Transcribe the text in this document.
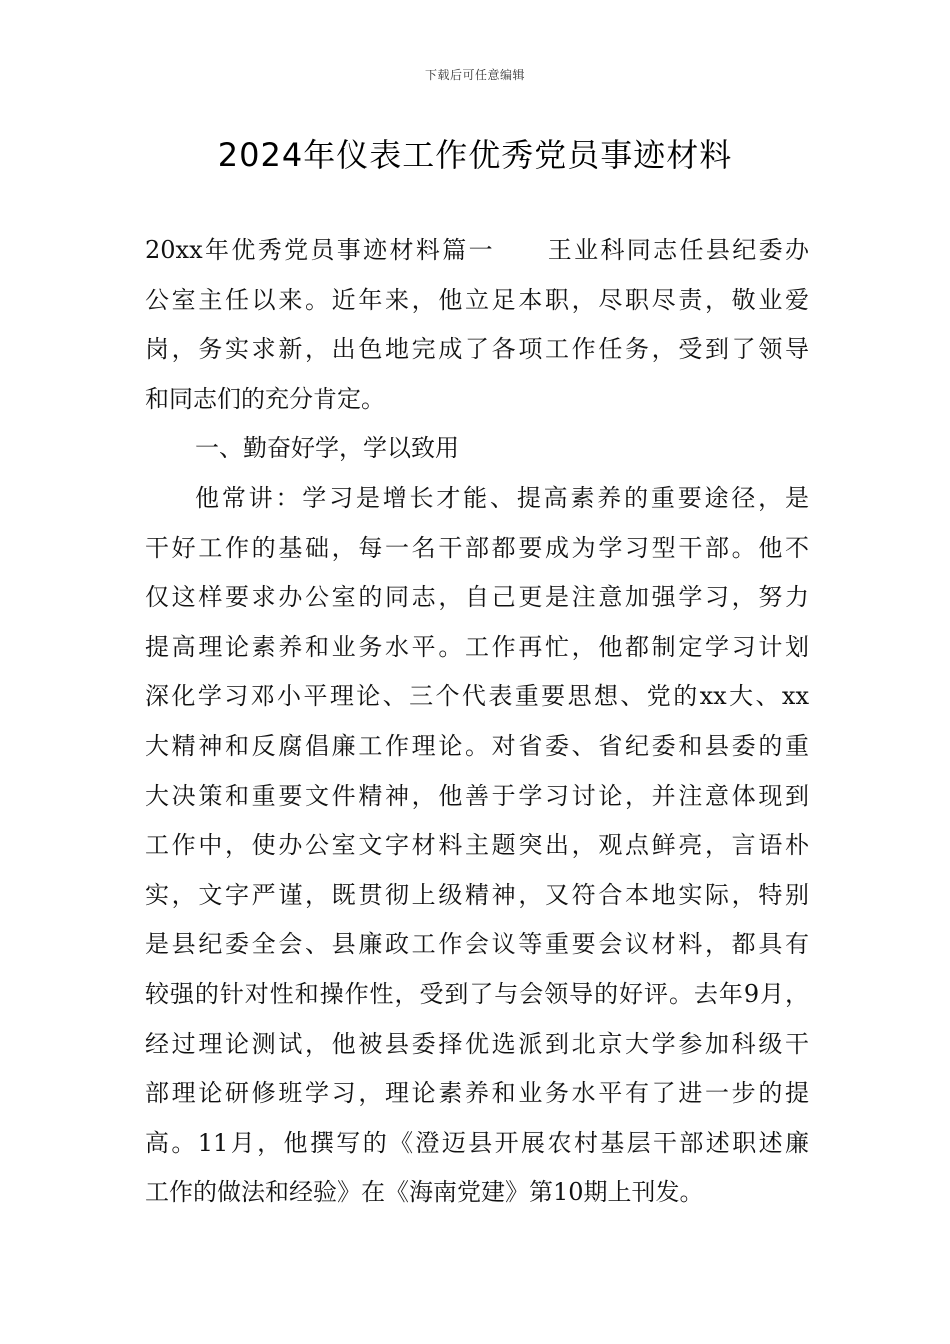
下载后可任意编辑
2024年仪表工作优秀党员事迹材料
20xx年优秀党员事迹材料篇一　　王业科同志任县纪委办
公室主任以来。近年来，他立足本职，尽职尽责，敬业爱
岗，务实求新，出色地完成了各项工作任务，受到了领导
和同志们的充分肯定。
一、勤奋好学，学以致用
他常讲：学习是增长才能、提高素养的重要途径，是
干好工作的基础，每一名干部都要成为学习型干部。他不
仅这样要求办公室的同志，自己更是注意加强学习，努力
提高理论素养和业务水平。工作再忙，他都制定学习计划
深化学习邓小平理论、三个代表重要思想、党的xx大、xx
大精神和反腐倡廉工作理论。对省委、省纪委和县委的重
大决策和重要文件精神，他善于学习讨论，并注意体现到
工作中，使办公室文字材料主题突出，观点鲜亮，言语朴
实，文字严谨，既贯彻上级精神，又符合本地实际，特别
是县纪委全会、县廉政工作会议等重要会议材料，都具有
较强的针对性和操作性，受到了与会领导的好评。去年9月，
经过理论测试，他被县委择优选派到北京大学参加科级干
部理论研修班学习，理论素养和业务水平有了进一步的提
高。11月，他撰写的《澄迈县开展农村基层干部述职述廉
工作的做法和经验》在《海南党建》第10期上刊发。
